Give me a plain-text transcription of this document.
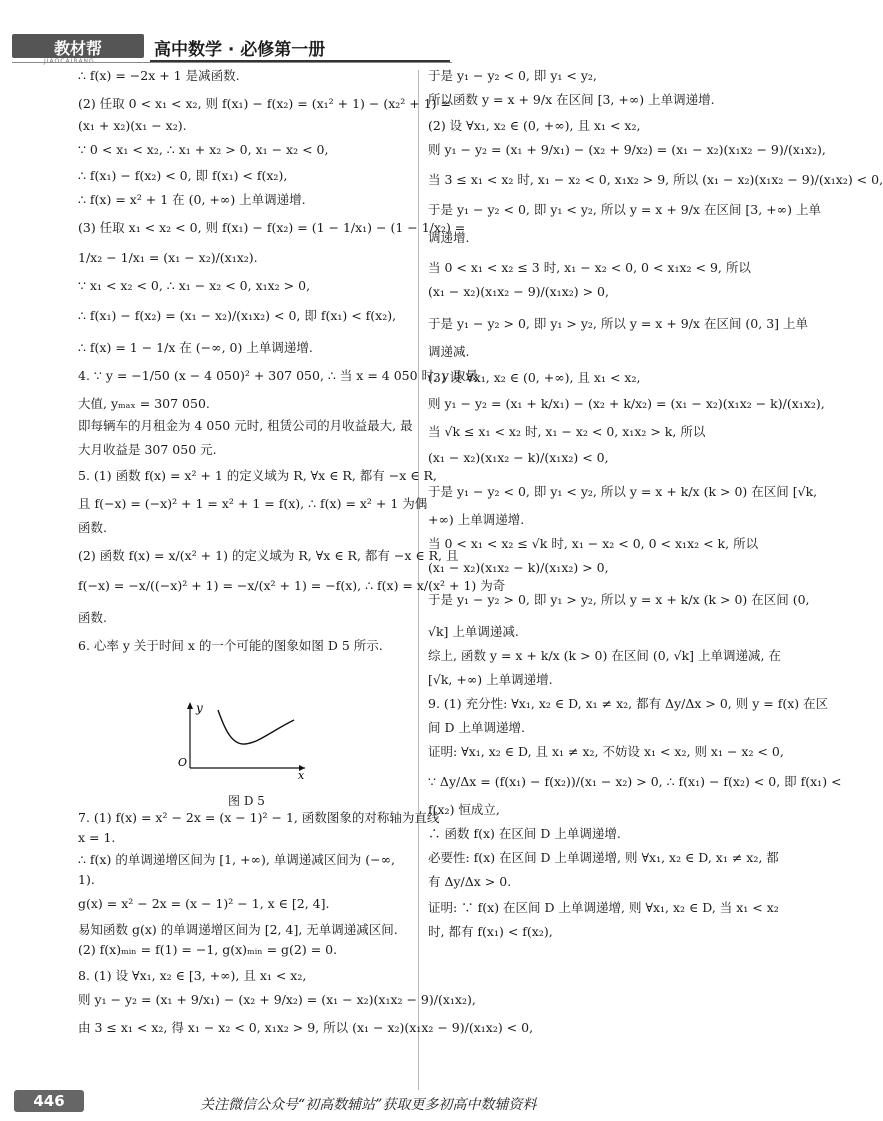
教材帮	高中数学 · 必修第一册
∴ f(x) = −2x + 1 是减函数.
(2) 任取 0 < x₁ < x₂, 则 f(x₁) − f(x₂) = (x₁² + 1) − (x₂² + 1) =
(x₁ + x₂)(x₁ − x₂).
∵ 0 < x₁ < x₂, ∴ x₁ + x₂ > 0, x₁ − x₂ < 0,
∴ f(x₁) − f(x₂) < 0, 即 f(x₁) < f(x₂),
∴ f(x) = x² + 1 在 (0, +∞) 上单调递增.
(3) 任取 x₁ < x₂ < 0, 则 f(x₁) − f(x₂) = (1 − 1/x₁) − (1 − 1/x₂) =
1/x₂ − 1/x₁ = (x₁ − x₂)/(x₁x₂).
∵ x₁ < x₂ < 0, ∴ x₁ − x₂ < 0, x₁x₂ > 0,
∴ f(x₁) − f(x₂) = (x₁ − x₂)/(x₁x₂) < 0, 即 f(x₁) < f(x₂),
∴ f(x) = 1 − 1/x 在 (−∞, 0) 上单调递增.
4. ∵ y = −1/50 (x − 4 050)² + 307 050, ∴ 当 x = 4 050 时, y 取最
大值, yₘₐₓ = 307 050.
即每辆车的月租金为 4 050 元时, 租赁公司的月收益最大, 最
大月收益是 307 050 元.
5. (1) 函数 f(x) = x² + 1 的定义域为 R, ∀x ∈ R, 都有 −x ∈ R,
且 f(−x) = (−x)² + 1 = x² + 1 = f(x), ∴ f(x) = x² + 1 为偶
函数.
(2) 函数 f(x) = x/(x² + 1) 的定义域为 R, ∀x ∈ R, 都有 −x ∈ R, 且
f(−x) = −x/((−x)² + 1) = −x/(x² + 1) = −f(x), ∴ f(x) = x/(x² + 1) 为奇
函数.
6. 心率 y 关于时间 x 的一个可能的图象如图 D 5 所示.
7. (1) f(x) = x² − 2x = (x − 1)² − 1, 函数图象的对称轴为直线
x = 1.
∴ f(x) 的单调递增区间为 [1, +∞), 单调递减区间为 (−∞,
1).
g(x) = x² − 2x = (x − 1)² − 1, x ∈ [2, 4].
易知函数 g(x) 的单调递增区间为 [2, 4], 无单调递减区间.
(2) f(x)ₘᵢₙ = f(1) = −1, g(x)ₘᵢₙ = g(2) = 0.
8. (1) 设 ∀x₁, x₂ ∈ [3, +∞), 且 x₁ < x₂,
则 y₁ − y₂ = (x₁ + 9/x₁) − (x₂ + 9/x₂) = (x₁ − x₂)(x₁x₂ − 9)/(x₁x₂),
由 3 ≤ x₁ < x₂, 得 x₁ − x₂ < 0, x₁x₂ > 9, 所以 (x₁ − x₂)(x₁x₂ − 9)/(x₁x₂) < 0,
于是 y₁ − y₂ < 0, 即 y₁ < y₂,
所以函数 y = x + 9/x 在区间 [3, +∞) 上单调递增.
(2) 设 ∀x₁, x₂ ∈ (0, +∞), 且 x₁ < x₂,
则 y₁ − y₂ = (x₁ + 9/x₁) − (x₂ + 9/x₂) = (x₁ − x₂)(x₁x₂ − 9)/(x₁x₂),
当 3 ≤ x₁ < x₂ 时, x₁ − x₂ < 0, x₁x₂ > 9, 所以 (x₁ − x₂)(x₁x₂ − 9)/(x₁x₂) < 0,
于是 y₁ − y₂ < 0, 即 y₁ < y₂, 所以 y = x + 9/x 在区间 [3, +∞) 上单
调递增.
当 0 < x₁ < x₂ ≤ 3 时, x₁ − x₂ < 0, 0 < x₁x₂ < 9, 所以
(x₁ − x₂)(x₁x₂ − 9)/(x₁x₂) > 0,
于是 y₁ − y₂ > 0, 即 y₁ > y₂, 所以 y = x + 9/x 在区间 (0, 3] 上单
调递减.
(3) 设 ∀x₁, x₂ ∈ (0, +∞), 且 x₁ < x₂,
则 y₁ − y₂ = (x₁ + k/x₁) − (x₂ + k/x₂) = (x₁ − x₂)(x₁x₂ − k)/(x₁x₂),
当 √k ≤ x₁ < x₂ 时, x₁ − x₂ < 0, x₁x₂ > k, 所以
(x₁ − x₂)(x₁x₂ − k)/(x₁x₂) < 0,
于是 y₁ − y₂ < 0, 即 y₁ < y₂, 所以 y = x + k/x (k > 0) 在区间 [√k,
+∞) 上单调递增.
当 0 < x₁ < x₂ ≤ √k 时, x₁ − x₂ < 0, 0 < x₁x₂ < k, 所以
(x₁ − x₂)(x₁x₂ − k)/(x₁x₂) > 0,
于是 y₁ − y₂ > 0, 即 y₁ > y₂, 所以 y = x + k/x (k > 0) 在区间 (0,
√k] 上单调递减.
综上, 函数 y = x + k/x (k > 0) 在区间 (0, √k] 上单调递减, 在
[√k, +∞) 上单调递增.
9. (1) 充分性: ∀x₁, x₂ ∈ D, x₁ ≠ x₂, 都有 Δy/Δx > 0, 则 y = f(x) 在区
间 D 上单调递增.
证明: ∀x₁, x₂ ∈ D, 且 x₁ ≠ x₂, 不妨设 x₁ < x₂, 则 x₁ − x₂ < 0,
∵ Δy/Δx = (f(x₁) − f(x₂))/(x₁ − x₂) > 0, ∴ f(x₁) − f(x₂) < 0, 即 f(x₁) <
f(x₂) 恒成立,
∴ 函数 f(x) 在区间 D 上单调递增.
必要性: f(x) 在区间 D 上单调递增, 则 ∀x₁, x₂ ∈ D, x₁ ≠ x₂, 都
有 Δy/Δx > 0.
证明: ∵ f(x) 在区间 D 上单调递增, 则 ∀x₁, x₂ ∈ D, 当 x₁ < x₂
时, 都有 f(x₁) < f(x₂),
y
O
x
图 D 5
446	关注微信公众号“初高数辅站”获取更多初高中数辅资料
